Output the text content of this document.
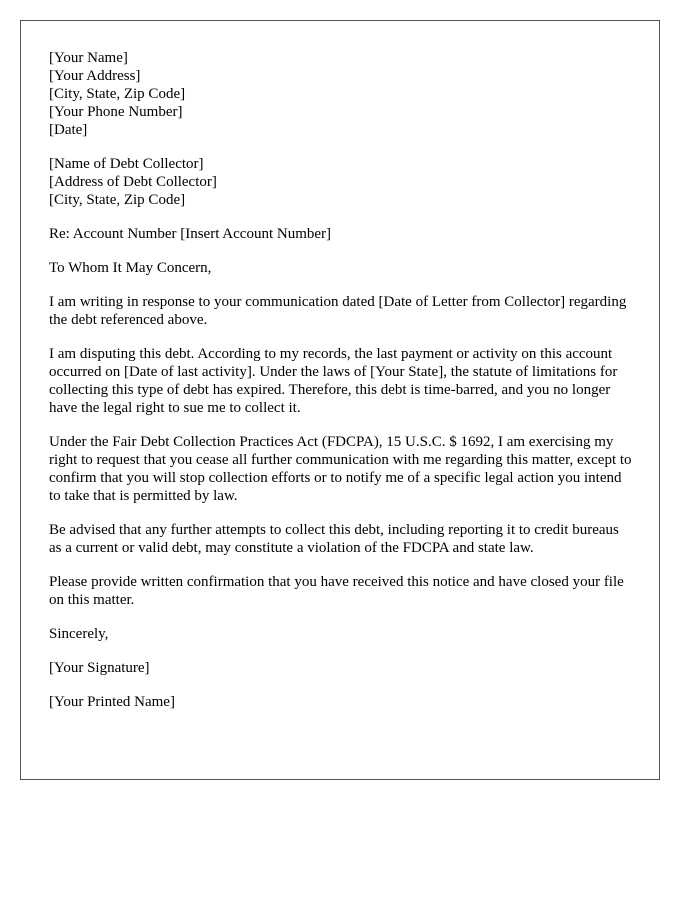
[Your Name]
[Your Address]
[City, State, Zip Code]
[Your Phone Number]
[Date]
[Name of Debt Collector]
[Address of Debt Collector]
[City, State, Zip Code]

Re: Account Number [Insert Account Number]

To Whom It May Concern,

I am writing in response to your communication dated [Date of Letter from Collector] regarding the debt referenced above.

I am disputing this debt. According to my records, the last payment or activity on this account occurred on [Date of last activity]. Under the laws of [Your State], the statute of limitations for collecting this type of debt has expired. Therefore, this debt is time-barred, and you no longer have the legal right to sue me to collect it.

Under the Fair Debt Collection Practices Act (FDCPA), 15 U.S.C. $ 1692, I am exercising my right to request that you cease all further communication with me regarding this matter, except to confirm that you will stop collection efforts or to notify me of a specific legal action you intend to take that is permitted by law.

Be advised that any further attempts to collect this debt, including reporting it to credit bureaus as a current or valid debt, may constitute a violation of the FDCPA and state law.

Please provide written confirmation that you have received this notice and have closed your file on this matter.

Sincerely,

[Your Signature]

[Your Printed Name]
